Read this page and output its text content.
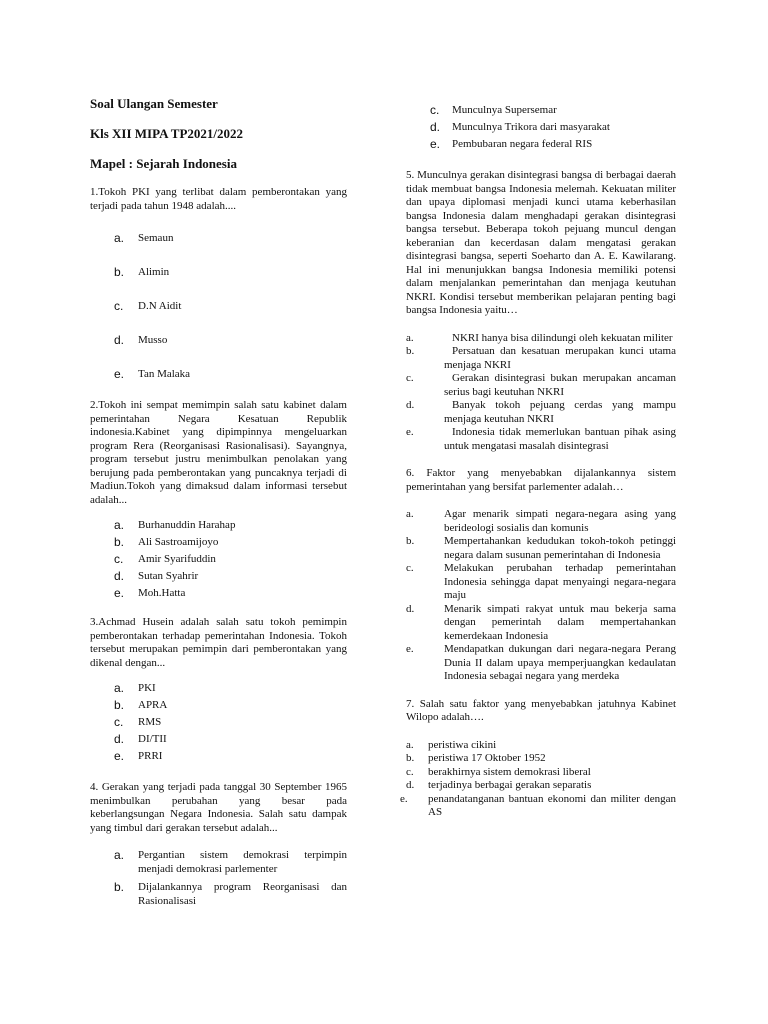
Soal Ulangan Semester

Kls XII MIPA TP2021/2022

Mapel : Sejarah Indonesia

1.Tokoh PKI yang terlibat dalam pemberontakan yang terjadi pada tahun 1948 adalah....

a. Semaun
b. Alimin
c. D.N Aidit
d. Musso
e. Tan Malaka

2.Tokoh ini sempat memimpin salah satu kabinet dalam pemerintahan Negara Kesatuan Republik indonesia.Kabinet yang dipimpinnya mengeluarkan program Rera (Reorganisasi Rasionalisasi). Sayangnya, program tersebut justru menimbulkan penolakan yang berujung pada pemberontakan yang puncaknya terjadi di Madiun.Tokoh yang dimaksud dalam informasi tersebut adalah...

a. Burhanuddin Harahap
b. Ali Sastroamijoyo
c. Amir Syarifuddin
d. Sutan Syahrir
e. Moh.Hatta

3.Achmad Husein adalah salah satu tokoh pemimpin pemberontakan terhadap pemerintahan Indonesia. Tokoh tersebut merupakan pemimpin dari pemberontakan yang dikenal dengan...

a. PKI
b. APRA
c. RMS
d. DI/TII
e. PRRI

4. Gerakan yang terjadi pada tanggal 30 September 1965 menimbulkan perubahan yang besar pada keberlangsungan Negara Indonesia. Salah satu dampak yang timbul dari gerakan tersebut adalah...

a. Pergantian sistem demokrasi terpimpin menjadi demokrasi parlementer
b. Dijalankannya program Reorganisasi dan Rasionalisasi
c. Munculnya Supersemar
d. Munculnya Trikora dari masyarakat
e. Pembubaran negara federal RIS

5. Munculnya gerakan disintegrasi bangsa di berbagai daerah tidak membuat bangsa Indonesia melemah. Kekuatan militer dan upaya diplomasi menjadi kunci utama keberhasilan bangsa Indonesia dalam menghadapi gerakan disintegrasi bangsa tersebut. Beberapa tokoh pejuang muncul dengan keberanian dan kecerdasan dalam mengatasi gerakan disintegrasi bangsa, seperti Soeharto dan A. E. Kawilarang. Hal ini menunjukkan bangsa Indonesia memiliki potensi dalam menjalankan pemerintahan dan menjaga keutuhan NKRI. Kondisi tersebut memberikan pelajaran penting bagi bangsa Indonesia yaitu…

a.	NKRI hanya bisa dilindungi oleh kekuatan militer
b.	Persatuan dan kesatuan merupakan kunci utama menjaga NKRI
c.	Gerakan disintegrasi bukan merupakan ancaman serius bagi keutuhan NKRI
d.	Banyak tokoh pejuang cerdas yang mampu menjaga keutuhan NKRI
e.	Indonesia tidak memerlukan bantuan pihak asing untuk mengatasi masalah disintegrasi

6. Faktor yang menyebabkan dijalankannya sistem pemerintahan yang bersifat parlementer adalah…

a.	Agar menarik simpati negara-negara asing yang berideologi sosialis dan komunis
b.	Mempertahankan kedudukan tokoh-tokoh petinggi negara dalam susunan pemerintahan di Indonesia
c.	Melakukan perubahan terhadap pemerintahan Indonesia sehingga dapat menyaingi negara-negara maju
d.	Menarik simpati rakyat untuk mau bekerja sama dengan pemerintah dalam mempertahankan kemerdekaan Indonesia
e.	Mendapatkan dukungan dari negara-negara Perang Dunia II dalam upaya memperjuangkan kedaulatan Indonesia sebagai negara yang merdeka

7. Salah satu faktor yang menyebabkan jatuhnya Kabinet Wilopo adalah….

a. peristiwa cikini
b. peristiwa 17 Oktober 1952
c. berakhirnya sistem demokrasi liberal
d. terjadinya berbagai gerakan separatis
e. penandatanganan bantuan ekonomi dan militer dengan AS
